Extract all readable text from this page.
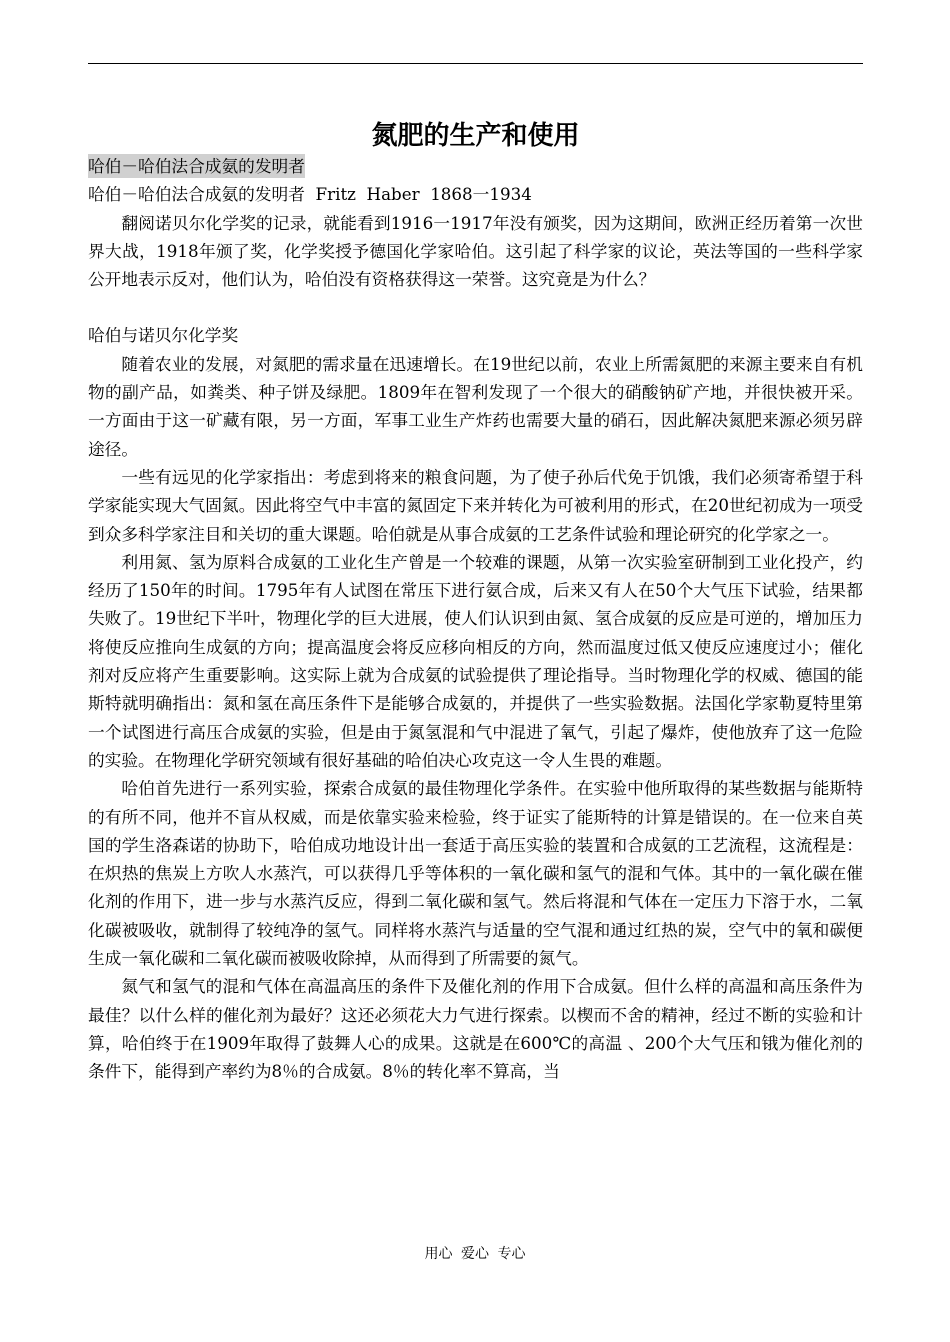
氮肥的生产和使用

哈伯－哈伯法合成氨的发明者

哈伯－哈伯法合成氨的发明者  Fritz  Haber  1868一1934

翻阅诺贝尔化学奖的记录，就能看到1916一1917年没有颁奖，因为这期间，欧洲正经历着第一次世界大战，1918年颁了奖，化学奖授予德国化学家哈伯。这引起了科学家的议论，英法等国的一些科学家公开地表示反对，他们认为，哈伯没有资格获得这一荣誉。这究竟是为什么？

哈伯与诺贝尔化学奖

随着农业的发展，对氮肥的需求量在迅速增长。在19世纪以前，农业上所需氮肥的来源主要来自有机物的副产品，如粪类、种子饼及绿肥。1809年在智利发现了一个很大的硝酸钠矿产地，并很快被开采。一方面由于这一矿藏有限，另一方面，军事工业生产炸药也需要大量的硝石，因此解决氮肥来源必须另辟途径。

一些有远见的化学家指出：考虑到将来的粮食问题，为了使子孙后代免于饥饿，我们必须寄希望于科学家能实现大气固氮。因此将空气中丰富的氮固定下来并转化为可被利用的形式，在20世纪初成为一项受到众多科学家注目和关切的重大课题。哈伯就是从事合成氨的工艺条件试验和理论研究的化学家之一。

利用氮、氢为原料合成氨的工业化生产曾是一个较难的课题，从第一次实验室研制到工业化投产，约经历了150年的时间。1795年有人试图在常压下进行氨合成，后来又有人在50个大气压下试验，结果都失败了。19世纪下半叶，物理化学的巨大进展，使人们认识到由氮、氢合成氨的反应是可逆的，增加压力将使反应推向生成氨的方向；提高温度会将反应移向相反的方向，然而温度过低又使反应速度过小；催化剂对反应将产生重要影响。这实际上就为合成氨的试验提供了理论指导。当时物理化学的权威、德国的能斯特就明确指出：氮和氢在高压条件下是能够合成氨的，并提供了一些实验数据。法国化学家勒夏特里第一个试图进行高压合成氨的实验，但是由于氮氢混和气中混进了氧气，引起了爆炸，使他放弃了这一危险的实验。在物理化学研究领域有很好基础的哈伯决心攻克这一令人生畏的难题。

哈伯首先进行一系列实验，探索合成氨的最佳物理化学条件。在实验中他所取得的某些数据与能斯特的有所不同，他并不盲从权威，而是依靠实验来检验，终于证实了能斯特的计算是错误的。在一位来自英国的学生洛森诺的协助下，哈伯成功地设计出一套适于高压实验的装置和合成氨的工艺流程，这流程是：在炽热的焦炭上方吹人水蒸汽，可以获得几乎等体积的一氧化碳和氢气的混和气体。其中的一氧化碳在催化剂的作用下，进一步与水蒸汽反应，得到二氧化碳和氢气。然后将混和气体在一定压力下溶于水，二氧化碳被吸收，就制得了较纯净的氢气。同样将水蒸汽与适量的空气混和通过红热的炭，空气中的氧和碳便生成一氧化碳和二氧化碳而被吸收除掉，从而得到了所需要的氮气。

氮气和氢气的混和气体在高温高压的条件下及催化剂的作用下合成氨。但什么样的高温和高压条件为最佳？以什么样的催化剂为最好？这还必须花大力气进行探索。以楔而不舍的精神，经过不断的实验和计算，哈伯终于在1909年取得了鼓舞人心的成果。这就是在600℃的高温 、200个大气压和锇为催化剂的条件下，能得到产率约为8％的合成氨。8％的转化率不算高，当

用心 爱心 专心
